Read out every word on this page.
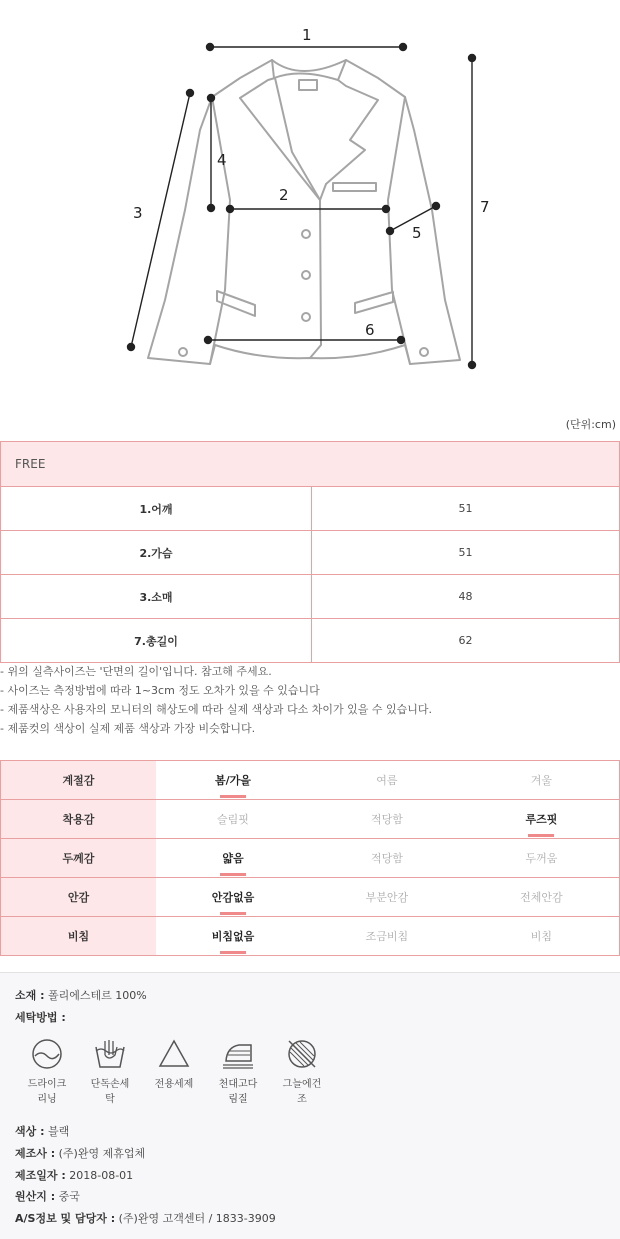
1
2
3
4
5
6
7
(단위:cm)
FREE	
1.어깨	51
2.가슴	51
3.소매	48
7.총길이	62
- 위의 실측사이즈는 '단면의 길이'입니다. 참고해 주세요.
- 사이즈는 측정방법에 따라 1~3cm 정도 오차가 있을 수 있습니다
- 제품색상은 사용자의 모니터의 해상도에 따라 실제 색상과 다소 차이가 있을 수 있습니다.
- 제품컷의 색상이 실제 제품 색상과 가장 비슷합니다.
계절감	봄/가을	여름	겨울
착용감	슬림핏	적당함	루즈핏
두께감	얇음	적당함	두꺼움
안감	안감없음	부분안감	전체안감
비침	비침없음	조금비침	비침
소재 : 폴리에스테르 100%
세탁방법 :
드라이크
리닝
단독손세
탁
전용세제	천대고다
림질
그늘에건
조
색상 : 블랙
제조사 : (주)완영 제휴업체
제조일자 : 2018-08-01
원산지 : 중국
A/S정보 및 담당자 : (주)완영 고객센터 / 1833-3909
